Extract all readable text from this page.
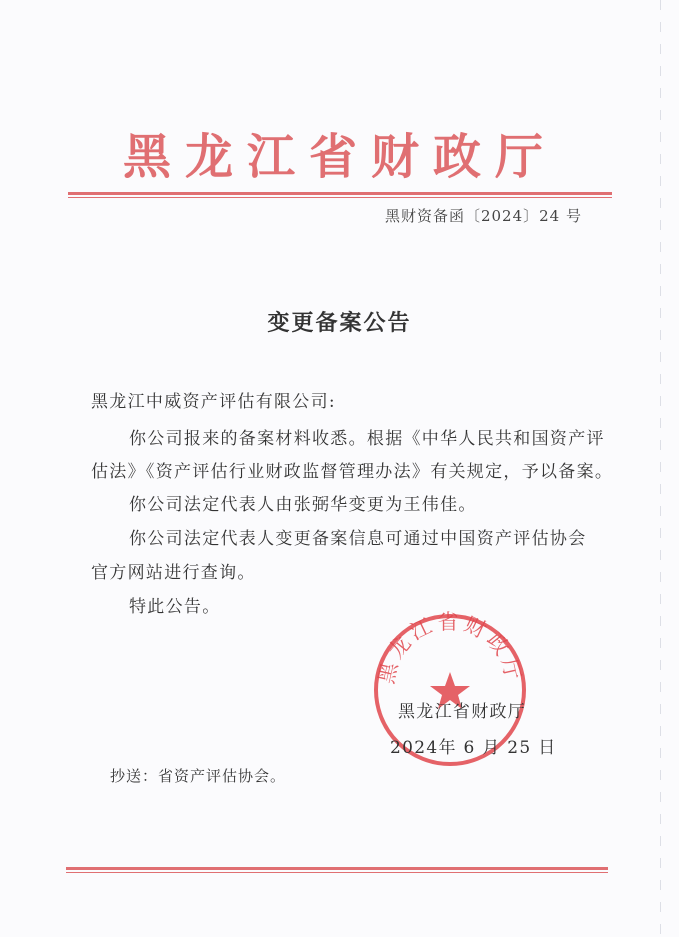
黑龙江省财政厅
黑财资备函〔2024〕24 号
变更备案公告
黑龙江中威资产评估有限公司:
你公司报来的备案材料收悉。根据《中华人民共和国资产评
估法》《资产评估行业财政监督管理办法》有关规定，予以备案。
你公司法定代表人由张弼华变更为王伟佳。
你公司法定代表人变更备案信息可通过中国资产评估协会
官方网站进行查询。
特此公告。
黑龙江省财政厅
黑龙江省财政厅
2024年 6 月 25 日
抄送：省资产评估协会。
